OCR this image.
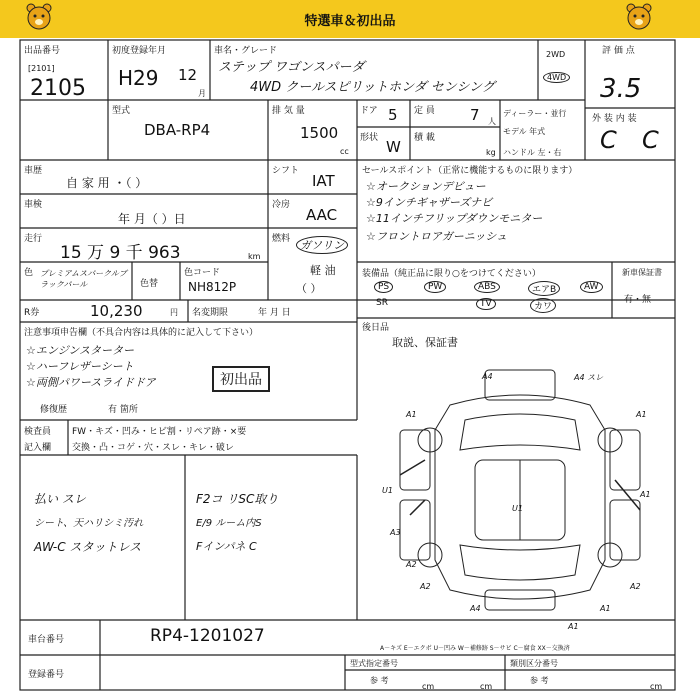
特選車＆初出品
出品番号
[2101]
2105
初度登録年月
H29 12
月
車名・グレード
ステップ ワゴンスパーダ
4WD クールスピリットホンダ センシング
2WD
4WD
評 価 点
3.5
外 装 内 装
C C
型式
DBA-RP4
排 気 量
1500
cc
ドア 5 定 員 7 人
形状 W 積 載
kg
ディーラー・並行
モデル 年式
ハンドル 左・右
車歴
自 家 用 ・（ ）
シフト
IAT
車検
年 月（ ）日
冷房
AAC
走行
15 万 9 千 963	km
燃料 ガソリン
軽 油
（ ）
色 プレミアムスパークルブラックパール	色替
色コード
NH812P
R券	10,230	円 名変期限	年 月 日
セールスポイント（正常に機能するものに限ります）
☆オークションデビュー
☆9インチギャザーズナビ
☆11インチフリップダウンモニター
☆フロントロアガーニッシュ
装備品（純正品に限り○をつけてください）
PS	PW	ABS	エアB	AW
SR	TV	カワ
新車保証書
有・無
後日品
取説、保証書
注意事項申告欄（不具合内容は具体的に記入して下さい）
☆エンジンスターター
☆ハーフレザーシート
☆両側パワースライドドア
修復歴	有 箇所
初出品
検査員
記入欄
FW・キズ・凹み・ヒビ割・リペア跡・×要
交換・凸・コゲ・穴・スレ・キレ・破レ
払い スレ
シート、天ハリシミ汚れ
AW-C スタットレス
F2コ リSC取り
E/9 ルーム内S
Fインパネ C
A4	A4 スレ
A1	A1
U1
A3
A1
U1
A2	A2
A2
A1
A4
A1
A－キズ E－エクボ U－凹み W－補修跡 S－サビ C－腐食 XX－交換済
車台番号	RP4-1201027
登録番号
型式指定番号	類別区分番号
参 考	参 考
cm	cm	cm
